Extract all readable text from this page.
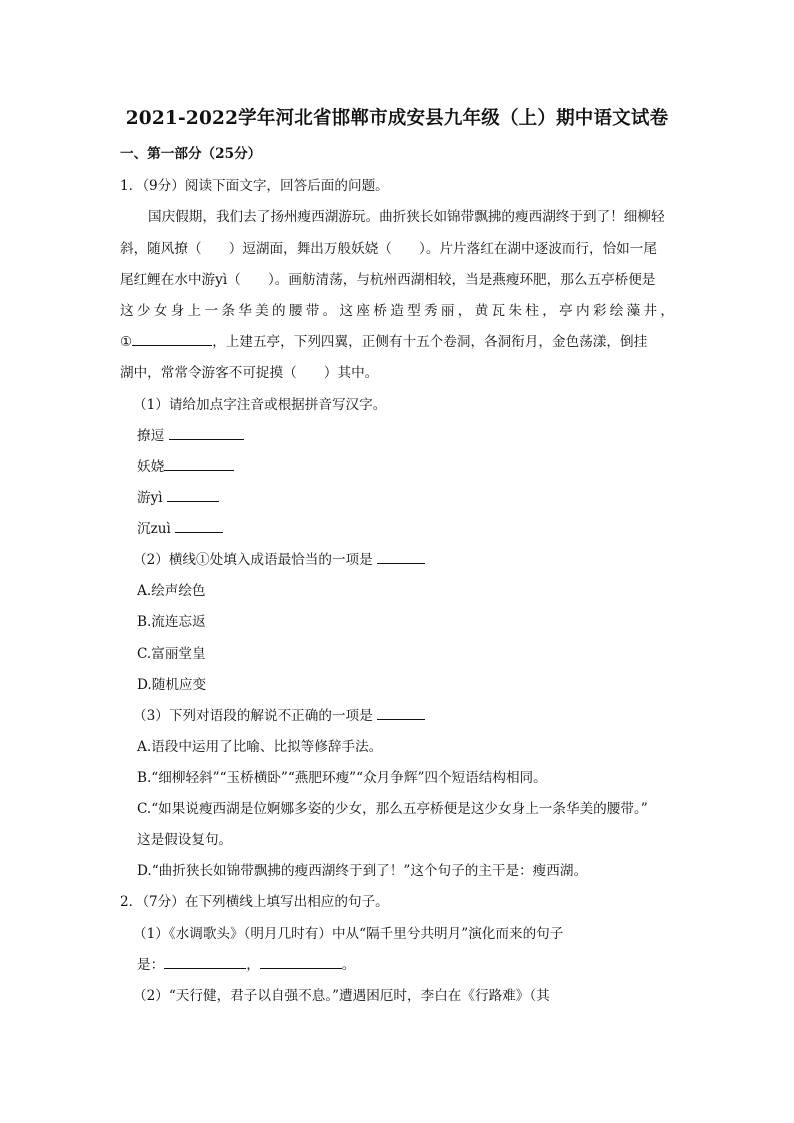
2021-2022学年河北省邯郸市成安县九年级（上）期中语文试卷
一、第一部分（25分）
1．（9分）阅读下面文字，回答后面的问题。
国庆假期，我们去了扬州瘦西湖游玩。曲折狭长如锦带飘拂的瘦西湖终于到了！细柳轻
斜，随风撩（　　）逗湖面，舞出万般妖娆（　　）。片片落红在湖中逐波而行，恰如一尾
尾红鲤在水中游yì（　　）。画舫清荡，与杭州西湖相较，当是燕瘦环肥，那么五亭桥便是
这少女身上一条华美的腰带。这座桥造型秀丽，黄瓦朱柱，亭内彩绘藻井，
①	，上建五亭，下列四翼，正侧有十五个卷洞，各洞衔月，金色荡漾，倒挂
湖中，常常令游客不可捉摸（　　）其中。
（1）请给加点字注音或根据拼音写汉字。
撩逗
妖娆
游yì
沉zuì
（2）横线①处填入成语最恰当的一项是
A.绘声绘色
B.流连忘返
C.富丽堂皇
D.随机应变
（3）下列对语段的解说不正确的一项是
A.语段中运用了比喻、比拟等修辞手法。
B.“细柳轻斜”“玉桥横卧”“燕肥环瘦”“众月争辉”四个短语结构相同。
C.“如果说瘦西湖是位婀娜多姿的少女，那么五亭桥便是这少女身上一条华美的腰带。”
这是假设复句。
D.“曲折狭长如锦带飘拂的瘦西湖终于到了！”这个句子的主干是：瘦西湖。
2．（7分）在下列横线上填写出相应的句子。
（1）《水调歌头》（明月几时有）中从“隔千里兮共明月”演化而来的句子
是：	，	。
（2）“天行健，君子以自强不息。”遭遇困厄时，李白在《行路难》（其
